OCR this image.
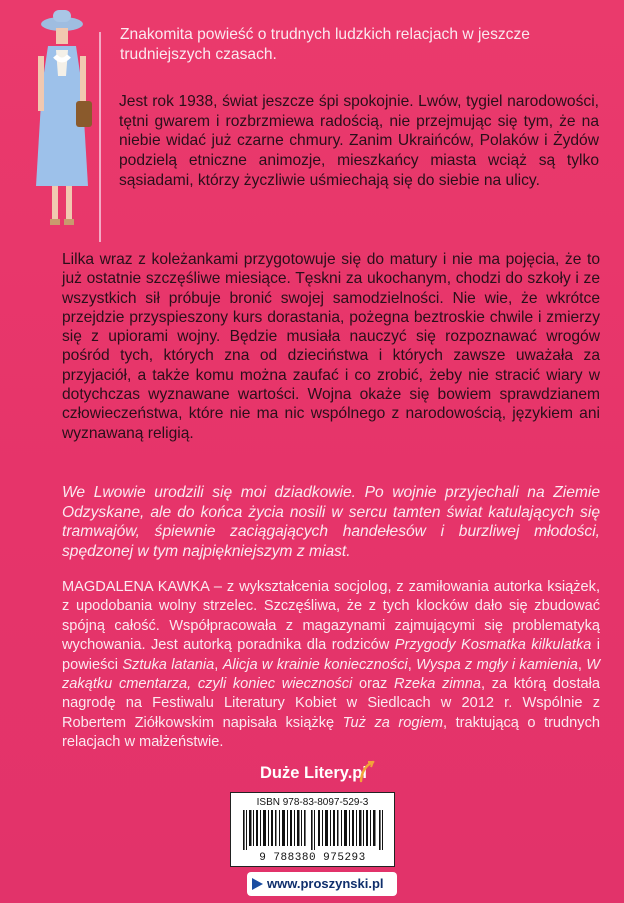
Znakomita powieść o trudnych ludzkich relacjach w jeszcze trudniejszych czasach.
Jest rok 1938, świat jeszcze śpi spokojnie. Lwów, tygiel narodowości, tętni gwarem i rozbrzmiewa radością, nie przejmując się tym, że na niebie widać już czarne chmury. Zanim Ukraińców, Polaków i Żydów podzielą etniczne animozje, mieszkańcy miasta wciąż są tylko sąsiadami, którzy życzliwie uśmiechają się do siebie na ulicy.
Lilka wraz z koleżankami przygotowuje się do matury i nie ma pojęcia, że to już ostatnie szczęśliwe miesiące. Tęskni za ukochanym, chodzi do szkoły i ze wszystkich sił próbuje bronić swojej samodzielności. Nie wie, że wkrótce przejdzie przyspieszony kurs dorastania, pożegna beztroskie chwile i zmierzy się z upiorami wojny. Będzie musiała nauczyć się rozpoznawać wrogów pośród tych, których zna od dzieciństwa i których zawsze uważała za przyjaciół, a także komu można zaufać i co zrobić, żeby nie stracić wiary w dotychczas wyznawane wartości. Wojna okaże się bowiem sprawdzianem człowieczeństwa, które nie ma nic wspólnego z narodowością, językiem ani wyznawaną religią.
We Lwowie urodzili się moi dziadkowie. Po wojnie przyjechali na Ziemie Odzyskane, ale do końca życia nosili w sercu tamten świat katulających się tramwajów, śpiewnie zaciągających handełesów i burzliwej młodości, spędzonej w tym najpiękniejszym z miast.
MAGDALENA KAWKA – z wykształcenia socjolog, z zamiłowania autorka książek, z upodobania wolny strzelec. Szczęśliwa, że z tych klocków dało się zbudować spójną całość. Współpracowała z magazynami zajmującymi się problematyką wychowania. Jest autorką poradnika dla rodziców Przygody Kosmatka kilkulatka i powieści Sztuka latania, Alicja w krainie konieczności, Wyspa z mgły i kamienia, W zakątku cmentarza, czyli koniec wieczności oraz Rzeka zimna, za którą dostała nagrodę na Festiwalu Literatury Kobiet w Siedlcach w 2012 r. Wspólnie z Robertem Ziółkowskim napisała książkę Tuż za rogiem, traktującą o trudnych relacjach w małżeństwie.
Duże Litery.pl
ISBN 978-83-8097-529-3
9 788380 975293
www.proszynski.pl
